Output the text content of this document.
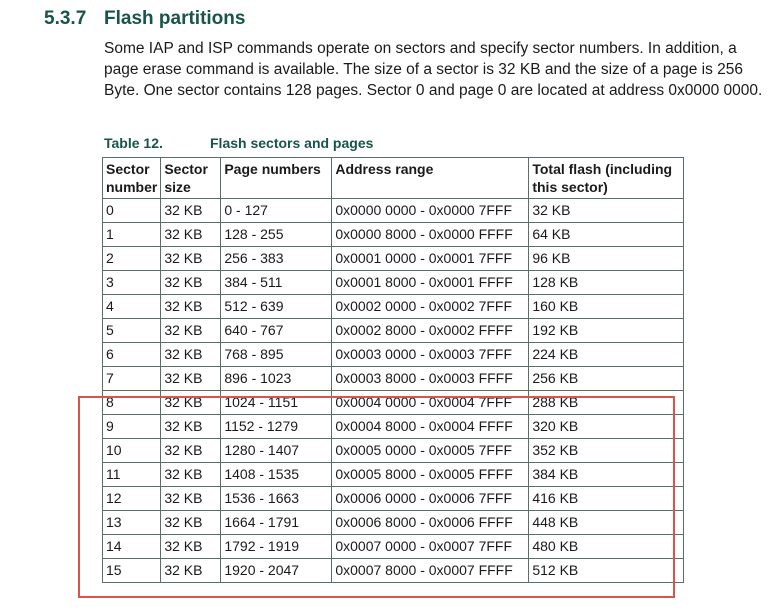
5.3.7 Flash partitions
Some IAP and ISP commands operate on sectors and specify sector numbers. In addition, a page erase command is available. The size of a sector is 32 KB and the size of a page is 256 Byte. One sector contains 128 pages. Sector 0 and page 0 are located at address 0x0000 0000.
Table 12.	Flash sectors and pages
Sector number	Sector size	Page numbers	Address range	Total flash (including this sector)
0	32 KB	0 - 127	0x0000 0000 - 0x0000 7FFF	32 KB
1	32 KB	128 - 255	0x0000 8000 - 0x0000 FFFF	64 KB
2	32 KB	256 - 383	0x0001 0000 - 0x0001 7FFF	96 KB
3	32 KB	384 - 511	0x0001 8000 - 0x0001 FFFF	128 KB
4	32 KB	512 - 639	0x0002 0000 - 0x0002 7FFF	160 KB
5	32 KB	640 - 767	0x0002 8000 - 0x0002 FFFF	192 KB
6	32 KB	768 - 895	0x0003 0000 - 0x0003 7FFF	224 KB
7	32 KB	896 - 1023	0x0003 8000 - 0x0003 FFFF	256 KB
8	32 KB	1024 - 1151	0x0004 0000 - 0x0004 7FFF	288 KB
9	32 KB	1152 - 1279	0x0004 8000 - 0x0004 FFFF	320 KB
10	32 KB	1280 - 1407	0x0005 0000 - 0x0005 7FFF	352 KB
11	32 KB	1408 - 1535	0x0005 8000 - 0x0005 FFFF	384 KB
12	32 KB	1536 - 1663	0x0006 0000 - 0x0006 7FFF	416 KB
13	32 KB	1664 - 1791	0x0006 8000 - 0x0006 FFFF	448 KB
14	32 KB	1792 - 1919	0x0007 0000 - 0x0007 7FFF	480 KB
15	32 KB	1920 - 2047	0x0007 8000 - 0x0007 FFFF	512 KB
